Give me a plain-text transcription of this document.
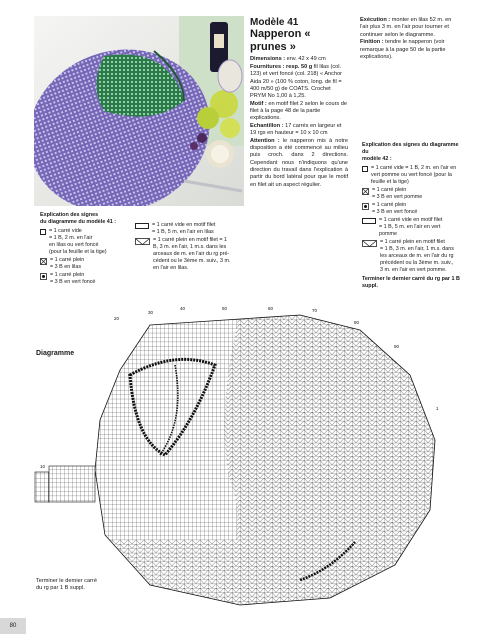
Modèle 41
Napperon « prunes »
Dimensions : env. 42 x 49 cm
Fournitures : resp. 50 g fil lilas (col. 123) et vert foncé (col. 218) « Anchor Aida 20 » (100 % coton, long. de fil = 400 m/50 g) de COATS. Crochet PRYM No 1,00 à 1,25.
Motif : en motif filet 2 selon le cours de filet à la page 48 de la partie explications.
Echantillon : 17 carrés en largeur et 19 rgs en hauteur = 10 x 10 cm
Attention : le napperon mis à notre disposition a été commencé au milieu puis croch. dans 2 directions. Cependant nous n'indiquons qu'une direction du travail dans l'explication à partir du bord latéral pour que le motif en filet ait un aspect régulier.
Exécution : monter en lilas 52 m. en l'air plus 3 m. en l'air pour tourner et continuer selon le diagramme.
Finition : tendre le napperon (voir remarque à la page 50 de la partie explications).
Explication des signes
du diagramme du modèle 41 :
= 1 carré vide
= 1 B, 2 m. en l'air
en lilas ou vert foncé
(pour la feuille et la tige)
= 1 carré plein
= 3 B en lilas
= 1 carré plein
= 3 B en vert foncé
= 1 carré vide en motif filet
= 1 B, 5 m. en l'air en lilas
= 1 carré plein en motif filet = 1
B, 3 m. en l'air, 1 m.s. dans les
arceaux de m. en l'air du rg pré-
cédent ou le 3ème m. suiv., 3 m.
en l'air en lilas.
Explication des signes du diagramme du
modèle 42 :
= 1 carré vide = 1 B, 2 m. en l'air en
vert pomme ou vert foncé (pour la
feuille et la tige)
= 1 carré plein
= 3 B en vert pomme
= 1 carré plein
= 3 B en vert foncé
= 1 carré vide en motif filet
= 1 B, 5 m. en l'air en vert
pomme
= 1 carré plein en motif filet
= 1 B, 3 m. en l'air, 1 m.s. dans
les arceaux de m. en l'air du rg
précédent ou la 3ème m. suiv.,
3 m. en l'air en vert pomme.
Terminer le dernier carré du rg par 1 B
suppl.
Diagramme
10
20
30
40	50	60	70
80
90
1
Terminer le dernier carré
du rg par 1 B suppl.
80
